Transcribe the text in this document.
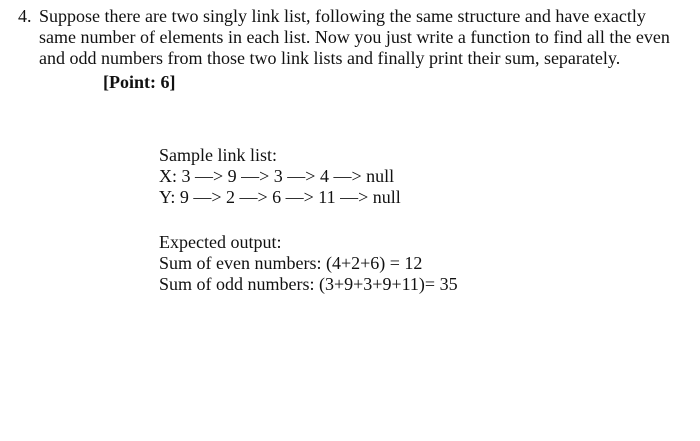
4. Suppose there are two singly link list, following the same structure and have exactly
same number of elements in each list. Now you just write a function to find all the even
and odd numbers from those two link lists and finally print their sum, separately.
[Point: 6]
Sample link list:
X: 3 —> 9 —> 3 —> 4 —> null
Y: 9 —> 2 —> 6 —> 11 —> null
Expected output:
Sum of even numbers: (4+2+6) = 12
Sum of odd numbers: (3+9+3+9+11)= 35
